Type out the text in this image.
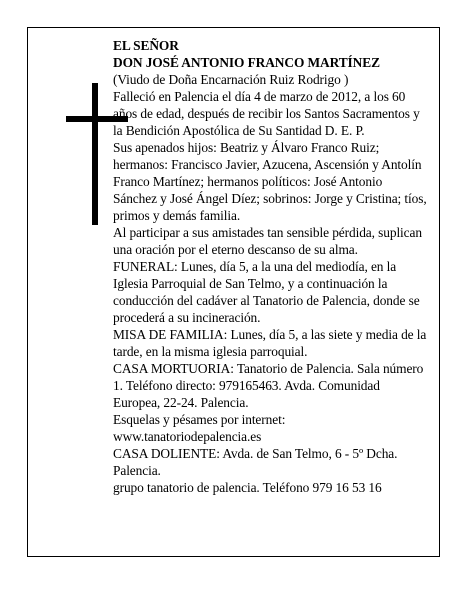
EL SEÑOR

DON JOSÉ ANTONIO FRANCO MARTÍNEZ

(Viudo de Doña Encarnación Ruiz Rodrigo )

Falleció en Palencia el día 4 de marzo de 2012, a los 60 años de edad, después de recibir los Santos Sacramentos y la Bendición Apostólica de Su Santidad D. E. P.

Sus apenados hijos: Beatriz y Álvaro Franco Ruiz; hermanos: Francisco Javier, Azucena, Ascensión y Antolín Franco Martínez; hermanos políticos: José Antonio Sánchez y José Ángel Díez; sobrinos: Jorge y Cristina; tíos, primos y demás familia.

Al participar a sus amistades tan sensible pérdida, suplican una oración por el eterno descanso de su alma.

FUNERAL: Lunes, día 5, a la una del mediodía, en la Iglesia Parroquial de San Telmo, y a continuación la conducción del cadáver al Tanatorio de Palencia, donde se procederá a su incineración.

MISA DE FAMILIA: Lunes, día 5, a las siete y media de la tarde, en la misma iglesia parroquial.

CASA MORTUORIA: Tanatorio de Palencia. Sala número 1. Teléfono directo: 979165463. Avda. Comunidad Europea, 22-24. Palencia.

Esquelas y pésames por internet: www.tanatoriodepalencia.es

CASA DOLIENTE: Avda. de San Telmo, 6 - 5º Dcha. Palencia.

grupo tanatorio de palencia. Teléfono 979 16 53 16
